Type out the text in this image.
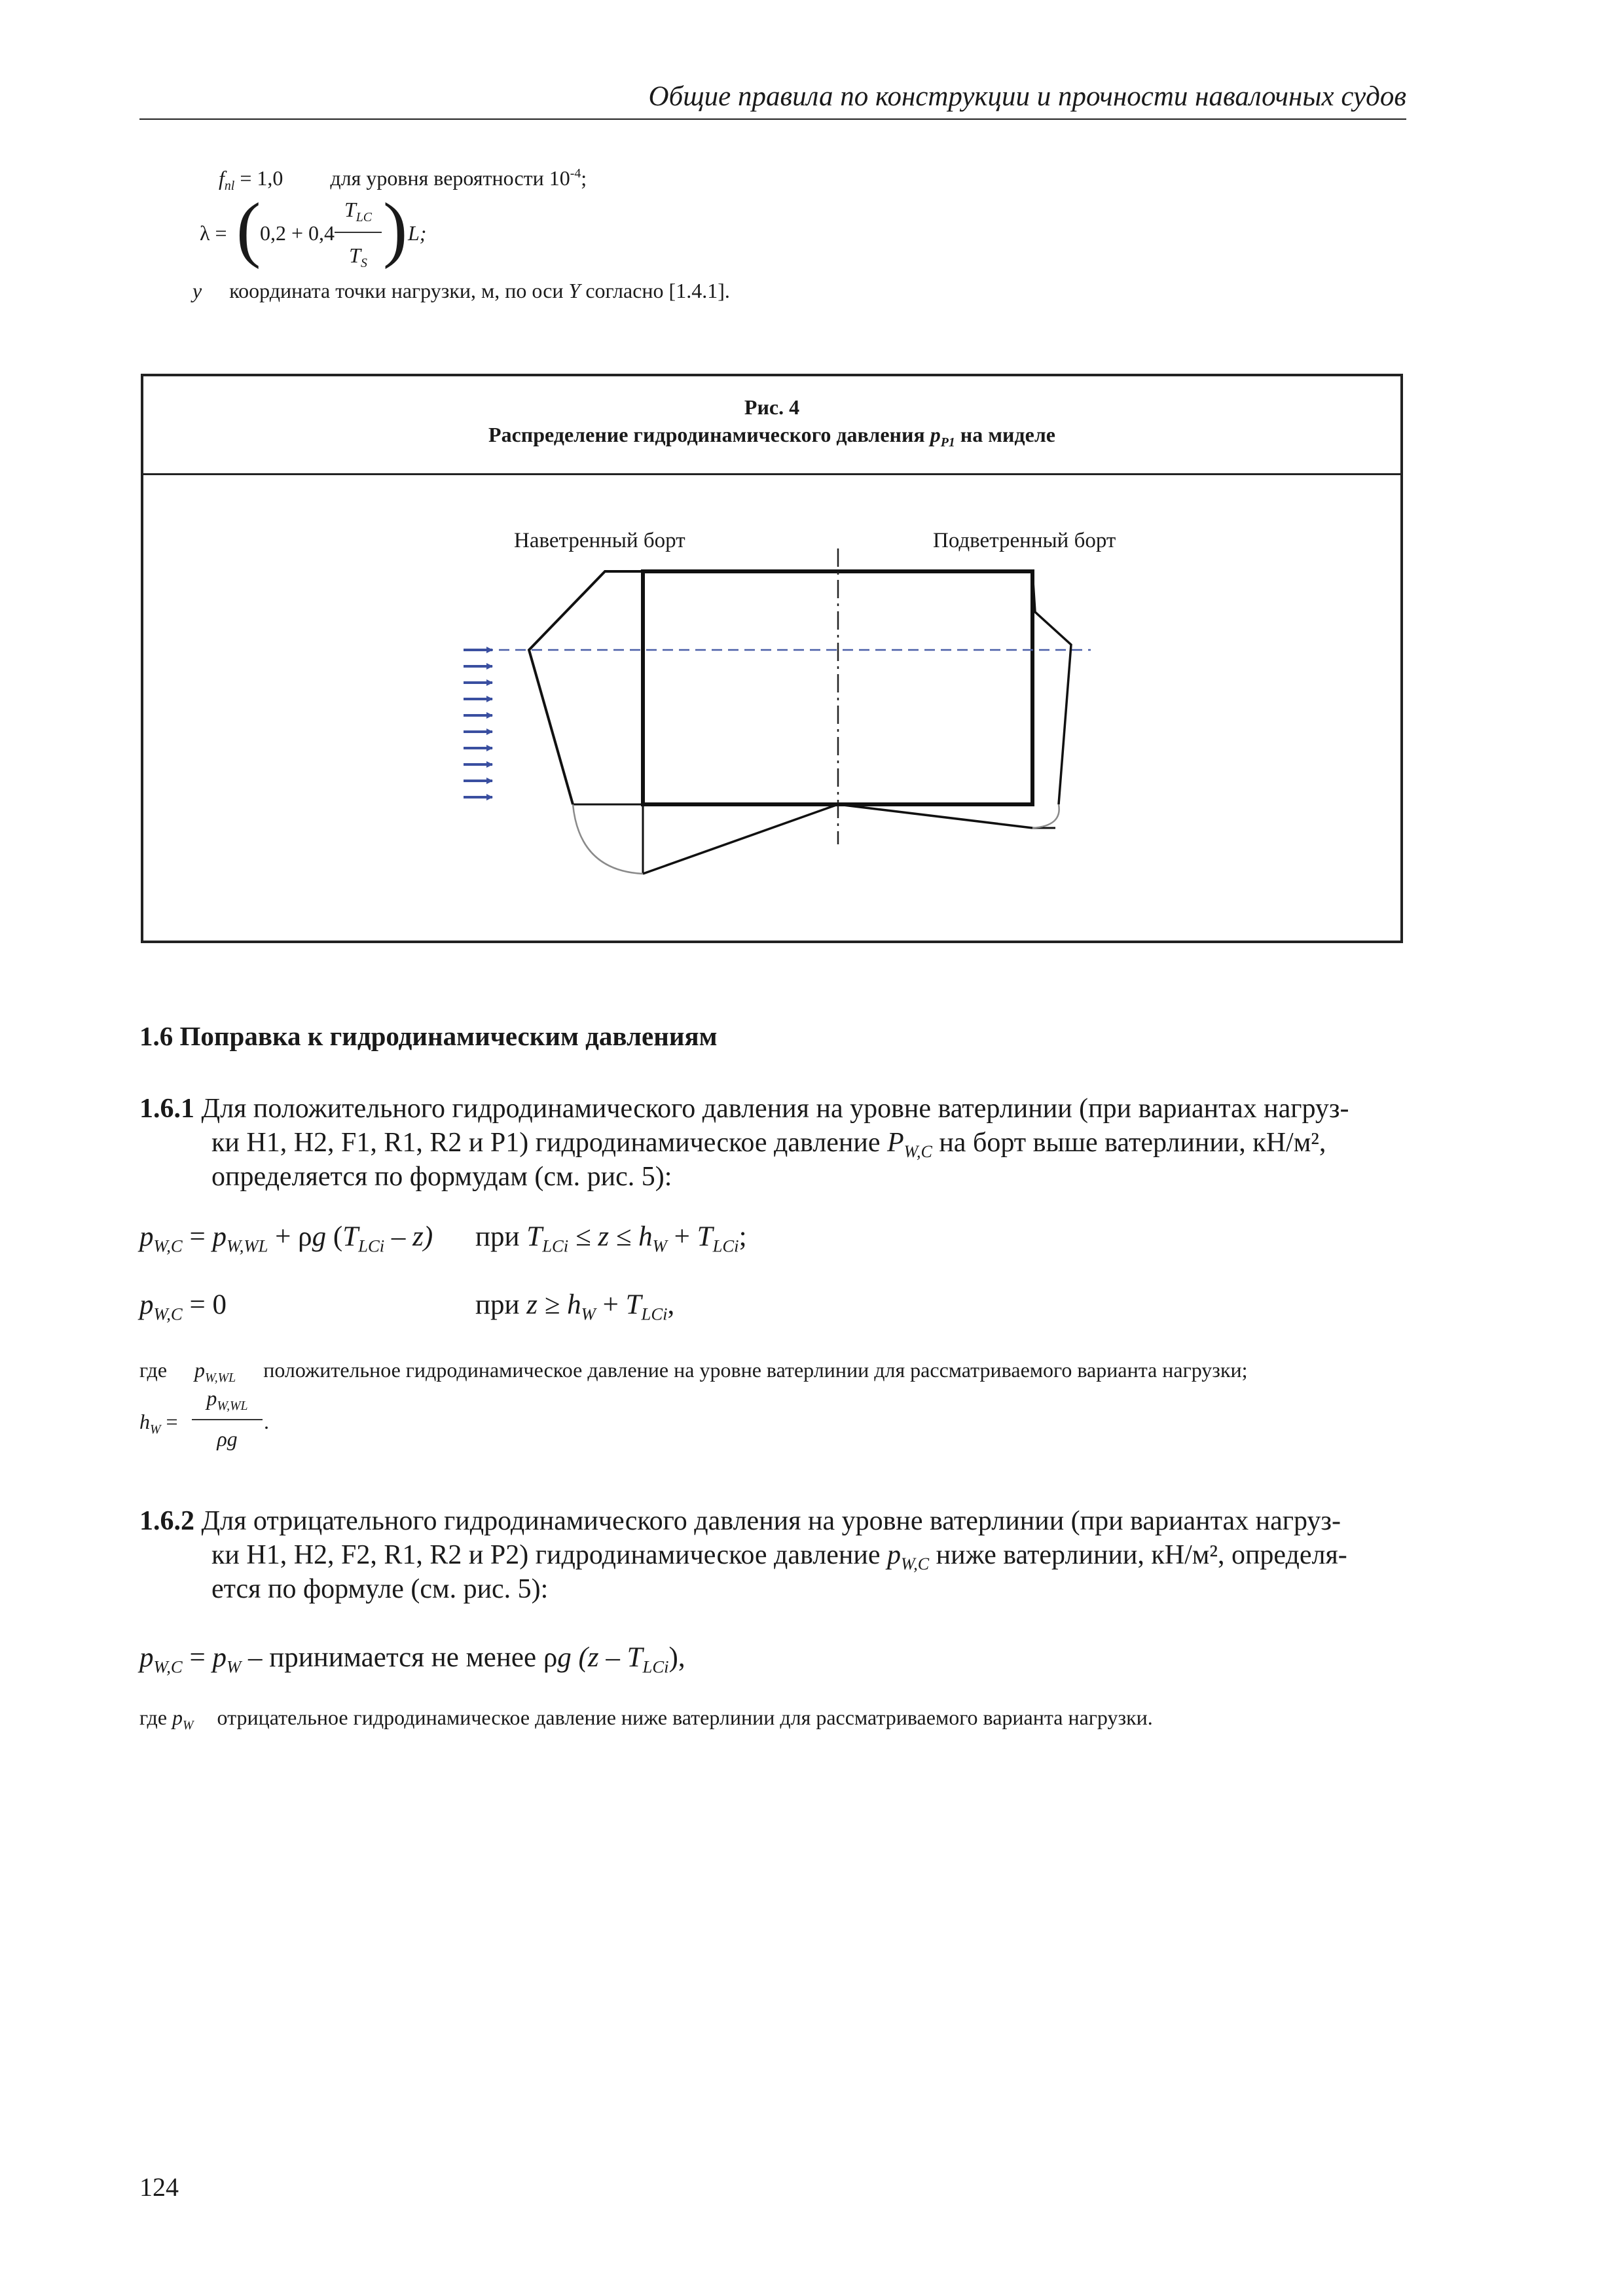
Общие правила по конструкции и прочности навалочных судов
$f_{nl} = 1,0$ для уровня вероятности $10^{-4}$;
λ = (
0,2 + 0,4
$T_{LC}$
$T_S$ ) L;
y координата точки нагрузки, м, по оси Y согласно [1.4.1].
Рис. 4
Распределение гидродинамического давления $p_{P1}$ на миделе
Наветренный борт	Подветренный борт
1.6 Поправка к гидродинамическим давлениям
1.6.1 Для положительного гидродинамического давления на уровне ватерлинии (при вариантах нагруз-
ки H1, H2, F1, R1, R2 и P1) гидродинамическое давление $P_{W,C}$ на борт выше ватерлинии, кН/м²,
определяется по формудам (см. рис. 5):
$p_{W,C} = p_{W,WL} + \rho g$ $(T_{LCi} - z)$ при $T_{LCi} \le z \le h_W + T_{LCi}$;
$p_{W,C} = 0$	при $z \ge h_W + T_{LCi}$,
где $p_{W,WL}$ положительное гидродинамическое давление на уровне ватерлинии для рассматриваемого варианта нагрузки;
$h_W$ =
$p_{W,WL}$
ρg
.
1.6.2 Для отрицательного гидродинамического давления на уровне ватерлинии (при вариантах нагруз-
ки H1, H2, F2, R1, R2 и P2) гидродинамическое давление $p_{W,C}$ ниже ватерлинии, кН/м², определя-
ется по формуле (см. рис. 5):
$p_{W,C} = p_W$ – принимается не менее ρg $(z - T_{LCi})$,
где $p_W$ отрицательное гидродинамическое давление ниже ватерлинии для рассматриваемого варианта нагрузки.
124
